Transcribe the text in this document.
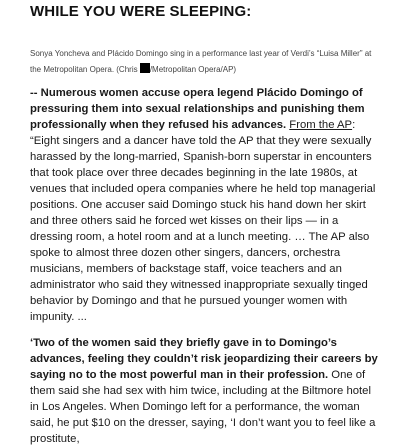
WHILE YOU WERE SLEEPING:

Sonya Yoncheva and Plácido Domingo sing in a performance last year of Verdi’s “Luisa Miller” at the Metropolitan Opera. (Chris /Metropolitan Opera/AP)

-- Numerous women accuse opera legend Plácido Domingo of pressuring them into sexual relationships and punishing them professionally when they refused his advances. From the AP: “Eight singers and a dancer have told the AP that they were sexually harassed by the long-married, Spanish-born superstar in encounters that took place over three decades beginning in the late 1980s, at venues that included opera companies where he held top managerial positions. One accuser said Domingo stuck his hand down her skirt and three others said he forced wet kisses on their lips — in a dressing room, a hotel room and at a lunch meeting. … The AP also spoke to almost three dozen other singers, dancers, orchestra musicians, members of backstage staff, voice teachers and an administrator who said they witnessed inappropriate sexually tinged behavior by Domingo and that he pursued younger women with impunity. ...

‘Two of the women said they briefly gave in to Domingo’s advances, feeling they couldn’t risk jeopardizing their careers by saying no to the most powerful man in their profession. One of them said she had sex with him twice, including at the Biltmore hotel in Los Angeles. When Domingo left for a performance, the woman said, he put $10 on the dresser, saying, ‘I don’t want you to feel like a prostitute,
